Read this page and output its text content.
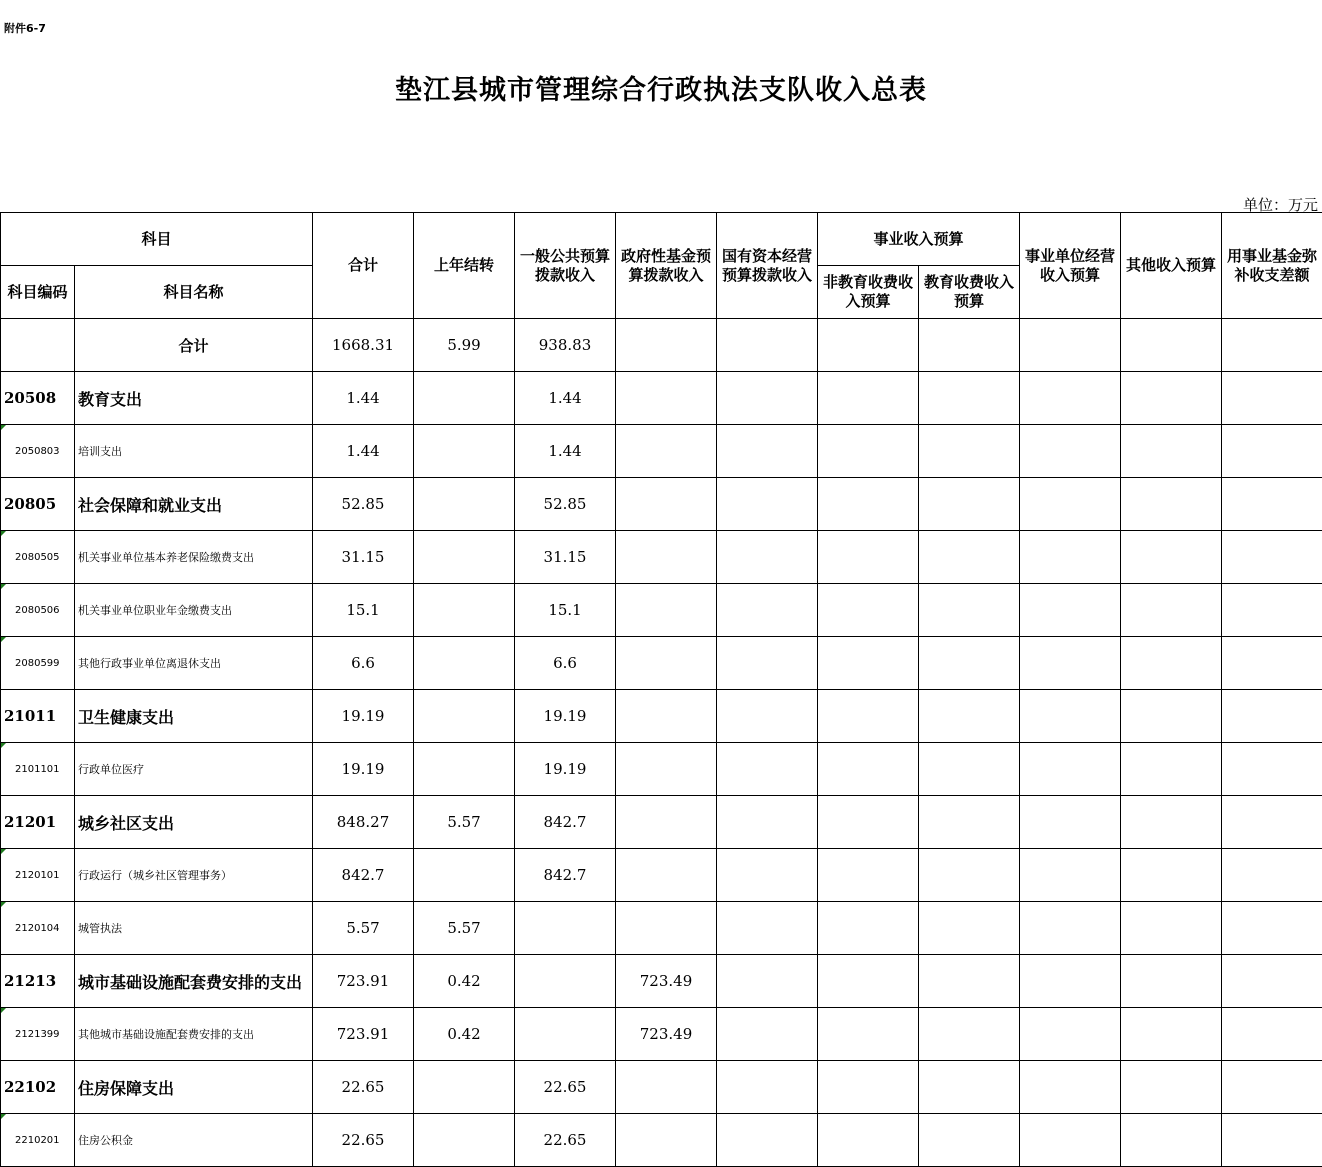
附件6-7
垫江县城市管理综合行政执法支队收入总表
单位：万元
科目		合计	上年结转	一般公共预算拨款收入	政府性基金预算拨款收入	国有资本经营预算拨款收入	事业收入预算		事业单位经营收入预算	其他收入预算	用事业基金弥补收支差额
科目编码	科目名称						非教育收费收入预算	教育收费收入预算			
	合计	1668.31	5.99	938.83							
20508	教育支出	1.44		1.44							
2050803	培训支出	1.44		1.44							
20805	社会保障和就业支出	52.85		52.85							
2080505	机关事业单位基本养老保险缴费支出	31.15		31.15							
2080506	机关事业单位职业年金缴费支出	15.1		15.1							
2080599	其他行政事业单位离退休支出	6.6		6.6							
21011	卫生健康支出	19.19		19.19							
2101101	行政单位医疗	19.19		19.19							
21201	城乡社区支出	848.27	5.57	842.7							
2120101	行政运行（城乡社区管理事务）	842.7		842.7							
2120104	城管执法	5.57	5.57								
21213	城市基础设施配套费安排的支出	723.91	0.42		723.49						
2121399	其他城市基础设施配套费安排的支出	723.91	0.42		723.49						
22102	住房保障支出	22.65		22.65							
2210201	住房公积金	22.65		22.65							
